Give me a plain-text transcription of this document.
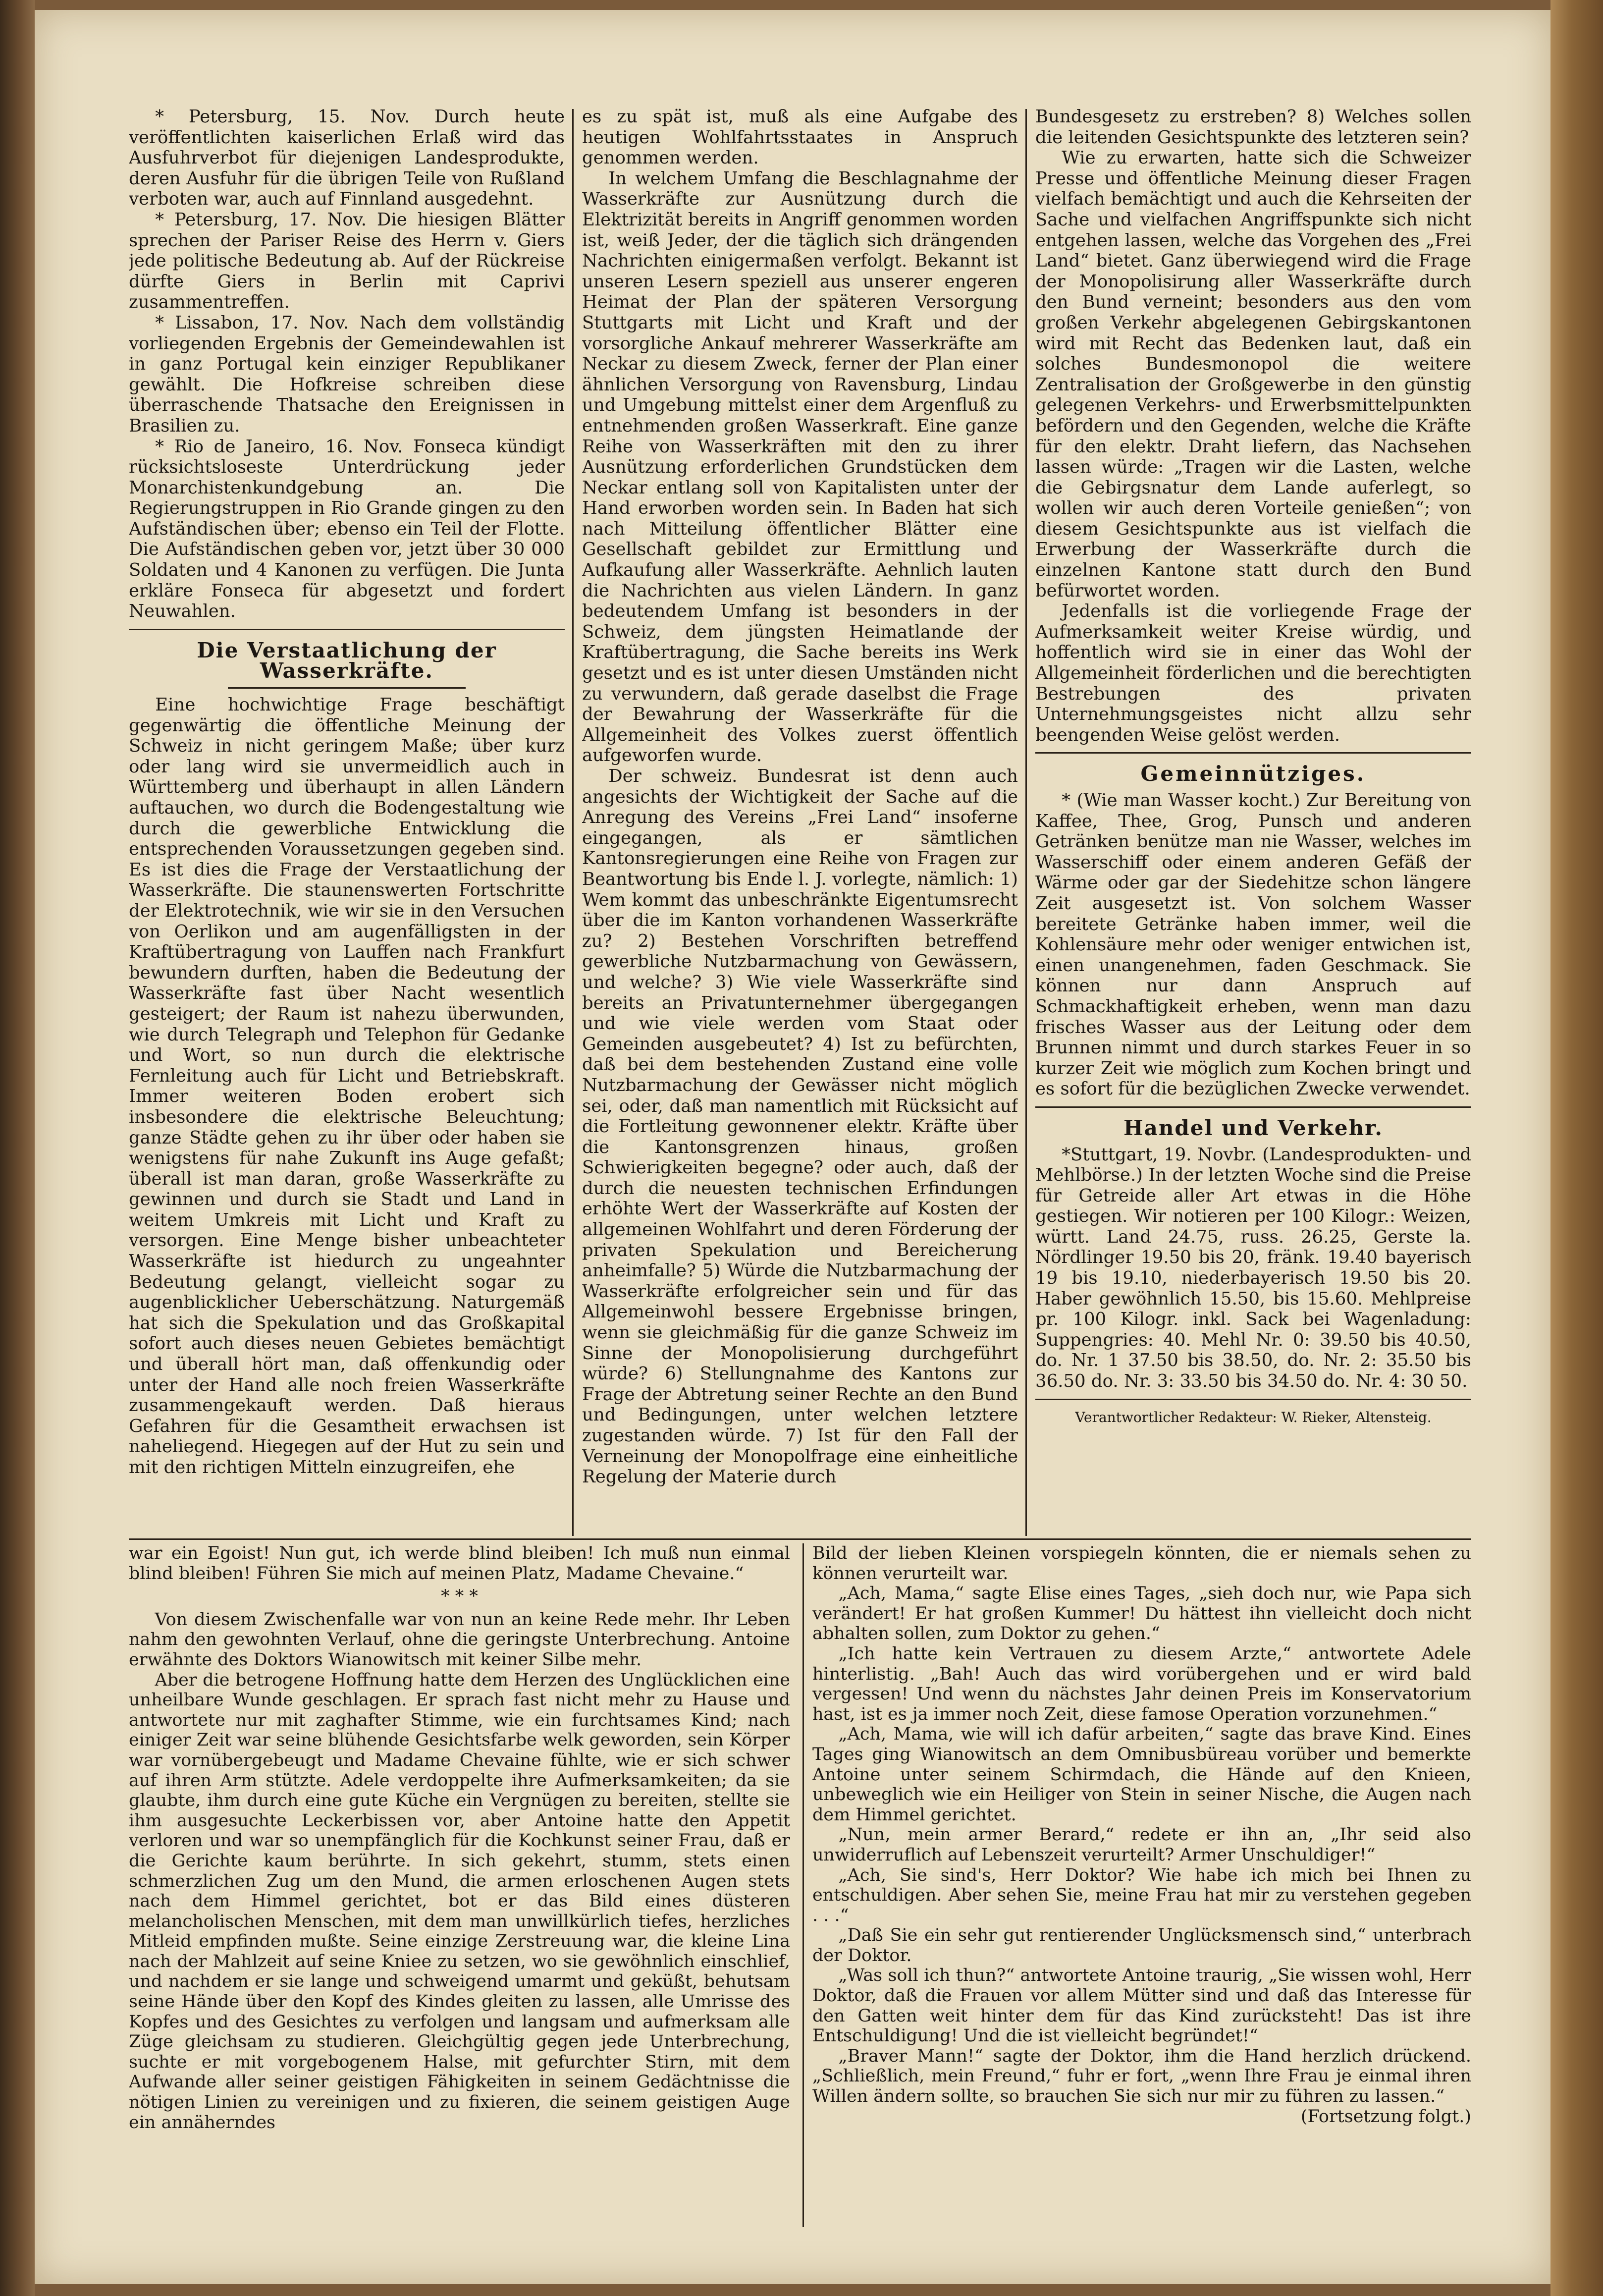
* Petersburg, 15. Nov. Durch heute veröffentlichten kaiserlichen Erlaß wird das Ausfuhrverbot für diejenigen Landesprodukte, deren Ausfuhr für die übrigen Teile von Rußland verboten war, auch auf Finnland ausgedehnt.

* Petersburg, 17. Nov. Die hiesigen Blätter sprechen der Pariser Reise des Herrn v. Giers jede politische Bedeutung ab. Auf der Rückreise dürfte Giers in Berlin mit Caprivi zusammentreffen.

* Lissabon, 17. Nov. Nach dem vollständig vorliegenden Ergebnis der Gemeindewahlen ist in ganz Portugal kein einziger Republikaner gewählt. Die Hofkreise schreiben diese überraschende Thatsache den Ereignissen in Brasilien zu.

* Rio de Janeiro, 16. Nov. Fonseca kündigt rücksichtsloseste Unterdrückung jeder Monarchistenkundgebung an. Die Regierungstruppen in Rio Grande gingen zu den Aufständischen über; ebenso ein Teil der Flotte. Die Aufständischen geben vor, jetzt über 30 000 Soldaten und 4 Kanonen zu verfügen. Die Junta erkläre Fonseca für abgesetzt und fordert Neuwahlen.

Die Verstaatlichung der Wasserkräfte.

Eine hochwichtige Frage beschäftigt gegenwärtig die öffentliche Meinung der Schweiz in nicht geringem Maße; über kurz oder lang wird sie unvermeidlich auch in Württemberg und überhaupt in allen Ländern auftauchen, wo durch die Bodengestaltung wie durch die gewerbliche Entwicklung die entsprechenden Voraussetzungen gegeben sind. Es ist dies die Frage der Verstaatlichung der Wasserkräfte. Die staunenswerten Fortschritte der Elektrotechnik, wie wir sie in den Versuchen von Oerlikon und am augenfälligsten in der Kraftübertragung von Lauffen nach Frankfurt bewundern durften, haben die Bedeutung der Wasserkräfte fast über Nacht wesentlich gesteigert; der Raum ist nahezu überwunden, wie durch Telegraph und Telephon für Gedanke und Wort, so nun durch die elektrische Fernleitung auch für Licht und Betriebskraft. Immer weiteren Boden erobert sich insbesondere die elektrische Beleuchtung; ganze Städte gehen zu ihr über oder haben sie wenigstens für nahe Zukunft ins Auge gefaßt; überall ist man daran, große Wasserkräfte zu gewinnen und durch sie Stadt und Land in weitem Umkreis mit Licht und Kraft zu versorgen. Eine Menge bisher unbeachteter Wasserkräfte ist hiedurch zu ungeahnter Bedeutung gelangt, vielleicht sogar zu augenblicklicher Ueberschätzung. Naturgemäß hat sich die Spekulation und das Großkapital sofort auch dieses neuen Gebietes bemächtigt und überall hört man, daß offenkundig oder unter der Hand alle noch freien Wasserkräfte zusammengekauft werden. Daß hieraus Gefahren für die Gesamtheit erwachsen ist naheliegend. Hiegegen auf der Hut zu sein und mit den richtigen Mitteln einzugreifen, ehe

es zu spät ist, muß als eine Aufgabe des heutigen Wohlfahrtsstaates in Anspruch genommen werden.

In welchem Umfang die Beschlagnahme der Wasserkräfte zur Ausnützung durch die Elektrizität bereits in Angriff genommen worden ist, weiß Jeder, der die täglich sich drängenden Nachrichten einigermaßen verfolgt. Bekannt ist unseren Lesern speziell aus unserer engeren Heimat der Plan der späteren Versorgung Stuttgarts mit Licht und Kraft und der vorsorgliche Ankauf mehrerer Wasserkräfte am Neckar zu diesem Zweck, ferner der Plan einer ähnlichen Versorgung von Ravensburg, Lindau und Umgebung mittelst einer dem Argenfluß zu entnehmenden großen Wasserkraft. Eine ganze Reihe von Wasserkräften mit den zu ihrer Ausnützung erforderlichen Grundstücken dem Neckar entlang soll von Kapitalisten unter der Hand erworben worden sein. In Baden hat sich nach Mitteilung öffentlicher Blätter eine Gesellschaft gebildet zur Ermittlung und Aufkaufung aller Wasserkräfte. Aehnlich lauten die Nachrichten aus vielen Ländern. In ganz bedeutendem Umfang ist besonders in der Schweiz, dem jüngsten Heimatlande der Kraftübertragung, die Sache bereits ins Werk gesetzt und es ist unter diesen Umständen nicht zu verwundern, daß gerade daselbst die Frage der Bewahrung der Wasserkräfte für die Allgemeinheit des Volkes zuerst öffentlich aufgeworfen wurde.

Der schweiz. Bundesrat ist denn auch angesichts der Wichtigkeit der Sache auf die Anregung des Vereins „Frei Land“ insoferne eingegangen, als er sämtlichen Kantonsregierungen eine Reihe von Fragen zur Beantwortung bis Ende l. J. vorlegte, nämlich: 1) Wem kommt das unbeschränkte Eigentumsrecht über die im Kanton vorhandenen Wasserkräfte zu? 2) Bestehen Vorschriften betreffend gewerbliche Nutzbarmachung von Gewässern, und welche? 3) Wie viele Wasserkräfte sind bereits an Privatunternehmer übergegangen und wie viele werden vom Staat oder Gemeinden ausgebeutet? 4) Ist zu befürchten, daß bei dem bestehenden Zustand eine volle Nutzbarmachung der Gewässer nicht möglich sei, oder, daß man namentlich mit Rücksicht auf die Fortleitung gewonnener elektr. Kräfte über die Kantonsgrenzen hinaus, großen Schwierigkeiten begegne? oder auch, daß der durch die neuesten technischen Erfindungen erhöhte Wert der Wasserkräfte auf Kosten der allgemeinen Wohlfahrt und deren Förderung der privaten Spekulation und Bereicherung anheimfalle? 5) Würde die Nutzbarmachung der Wasserkräfte erfolgreicher sein und für das Allgemeinwohl bessere Ergebnisse bringen, wenn sie gleichmäßig für die ganze Schweiz im Sinne der Monopolisierung durchgeführt würde? 6) Stellungnahme des Kantons zur Frage der Abtretung seiner Rechte an den Bund und Bedingungen, unter welchen letztere zugestanden würde. 7) Ist für den Fall der Verneinung der Monopolfrage eine einheitliche Regelung der Materie durch

Bundesgesetz zu erstreben? 8) Welches sollen die leitenden Gesichtspunkte des letzteren sein?

Wie zu erwarten, hatte sich die Schweizer Presse und öffentliche Meinung dieser Fragen vielfach bemächtigt und auch die Kehrseiten der Sache und vielfachen Angriffspunkte sich nicht entgehen lassen, welche das Vorgehen des „Frei Land“ bietet. Ganz überwiegend wird die Frage der Monopolisirung aller Wasserkräfte durch den Bund verneint; besonders aus den vom großen Verkehr abgelegenen Gebirgskantonen wird mit Recht das Bedenken laut, daß ein solches Bundesmonopol die weitere Zentralisation der Großgewerbe in den günstig gelegenen Verkehrs- und Erwerbsmittelpunkten befördern und den Gegenden, welche die Kräfte für den elektr. Draht liefern, das Nachsehen lassen würde: „Tragen wir die Lasten, welche die Gebirgsnatur dem Lande auferlegt, so wollen wir auch deren Vorteile genießen“; von diesem Gesichtspunkte aus ist vielfach die Erwerbung der Wasserkräfte durch die einzelnen Kantone statt durch den Bund befürwortet worden.

Jedenfalls ist die vorliegende Frage der Aufmerksamkeit weiter Kreise würdig, und hoffentlich wird sie in einer das Wohl der Allgemeinheit förderlichen und die berechtigten Bestrebungen des privaten Unternehmungsgeistes nicht allzu sehr beengenden Weise gelöst werden.

Gemeinnütziges.

* (Wie man Wasser kocht.) Zur Bereitung von Kaffee, Thee, Grog, Punsch und anderen Getränken benütze man nie Wasser, welches im Wasserschiff oder einem anderen Gefäß der Wärme oder gar der Siedehitze schon längere Zeit ausgesetzt ist. Von solchem Wasser bereitete Getränke haben immer, weil die Kohlensäure mehr oder weniger entwichen ist, einen unangenehmen, faden Geschmack. Sie können nur dann Anspruch auf Schmackhaftigkeit erheben, wenn man dazu frisches Wasser aus der Leitung oder dem Brunnen nimmt und durch starkes Feuer in so kurzer Zeit wie möglich zum Kochen bringt und es sofort für die bezüglichen Zwecke verwendet.

Handel und Verkehr.

*Stuttgart, 19. Novbr. (Landesprodukten- und Mehlbörse.) In der letzten Woche sind die Preise für Getreide aller Art etwas in die Höhe gestiegen. Wir notieren per 100 Kilogr.: Weizen, württ. Land 24.75, russ. 26.25, Gerste la. Nördlinger 19.50 bis 20, fränk. 19.40 bayerisch 19 bis 19.10, niederbayerisch 19.50 bis 20. Haber gewöhnlich 15.50, bis 15.60. Mehlpreise pr. 100 Kilogr. inkl. Sack bei Wagenladung: Suppengries: 40. Mehl Nr. 0: 39.50 bis 40.50, do. Nr. 1 37.50 bis 38.50, do. Nr. 2: 35.50 bis 36.50 do. Nr. 3: 33.50 bis 34.50 do. Nr. 4: 30 50.

Verantwortlicher Redakteur: W. Rieker, Altensteig.

war ein Egoist! Nun gut, ich werde blind bleiben! Ich muß nun einmal blind bleiben! Führen Sie mich auf meinen Platz, Madame Chevaine.“

* * *

Von diesem Zwischenfalle war von nun an keine Rede mehr. Ihr Leben nahm den gewohnten Verlauf, ohne die geringste Unterbrechung. Antoine erwähnte des Doktors Wianowitsch mit keiner Silbe mehr.

Aber die betrogene Hoffnung hatte dem Herzen des Unglücklichen eine unheilbare Wunde geschlagen. Er sprach fast nicht mehr zu Hause und antwortete nur mit zaghafter Stimme, wie ein furchtsames Kind; nach einiger Zeit war seine blühende Gesichtsfarbe welk geworden, sein Körper war vornübergebeugt und Madame Chevaine fühlte, wie er sich schwer auf ihren Arm stützte. Adele verdoppelte ihre Aufmerksamkeiten; da sie glaubte, ihm durch eine gute Küche ein Vergnügen zu bereiten, stellte sie ihm ausgesuchte Leckerbissen vor, aber Antoine hatte den Appetit verloren und war so unempfänglich für die Kochkunst seiner Frau, daß er die Gerichte kaum berührte. In sich gekehrt, stumm, stets einen schmerzlichen Zug um den Mund, die armen erloschenen Augen stets nach dem Himmel gerichtet, bot er das Bild eines düsteren melancholischen Menschen, mit dem man unwillkürlich tiefes, herzliches Mitleid empfinden mußte. Seine einzige Zerstreuung war, die kleine Lina nach der Mahlzeit auf seine Kniee zu setzen, wo sie gewöhnlich einschlief, und nachdem er sie lange und schweigend umarmt und geküßt, behutsam seine Hände über den Kopf des Kindes gleiten zu lassen, alle Umrisse des Kopfes und des Gesichtes zu verfolgen und langsam und aufmerksam alle Züge gleichsam zu studieren. Gleichgültig gegen jede Unterbrechung, suchte er mit vorgebogenem Halse, mit gefurchter Stirn, mit dem Aufwande aller seiner geistigen Fähigkeiten in seinem Gedächtnisse die nötigen Linien zu vereinigen und zu fixieren, die seinem geistigen Auge ein annäherndes

Bild der lieben Kleinen vorspiegeln könnten, die er niemals sehen zu können verurteilt war.

„Ach, Mama,“ sagte Elise eines Tages, „sieh doch nur, wie Papa sich verändert! Er hat großen Kummer! Du hättest ihn vielleicht doch nicht abhalten sollen, zum Doktor zu gehen.“

„Ich hatte kein Vertrauen zu diesem Arzte,“ antwortete Adele hinterlistig. „Bah! Auch das wird vorübergehen und er wird bald vergessen! Und wenn du nächstes Jahr deinen Preis im Konservatorium hast, ist es ja immer noch Zeit, diese famose Operation vorzunehmen.“

„Ach, Mama, wie will ich dafür arbeiten,“ sagte das brave Kind. Eines Tages ging Wianowitsch an dem Omnibusbüreau vorüber und bemerkte Antoine unter seinem Schirmdach, die Hände auf den Knieen, unbeweglich wie ein Heiliger von Stein in seiner Nische, die Augen nach dem Himmel gerichtet.

„Nun, mein armer Berard,“ redete er ihn an, „Ihr seid also unwiderruflich auf Lebenszeit verurteilt? Armer Unschuldiger!“

„Ach, Sie sind's, Herr Doktor? Wie habe ich mich bei Ihnen zu entschuldigen. Aber sehen Sie, meine Frau hat mir zu verstehen gegeben . . .“

„Daß Sie ein sehr gut rentierender Unglücksmensch sind,“ unterbrach der Doktor.

„Was soll ich thun?“ antwortete Antoine traurig, „Sie wissen wohl, Herr Doktor, daß die Frauen vor allem Mütter sind und daß das Interesse für den Gatten weit hinter dem für das Kind zurücksteht! Das ist ihre Entschuldigung! Und die ist vielleicht begründet!“

„Braver Mann!“ sagte der Doktor, ihm die Hand herzlich drückend. „Schließlich, mein Freund,“ fuhr er fort, „wenn Ihre Frau je einmal ihren Willen ändern sollte, so brauchen Sie sich nur mir zu führen zu lassen.“

(Fortsetzung folgt.)
